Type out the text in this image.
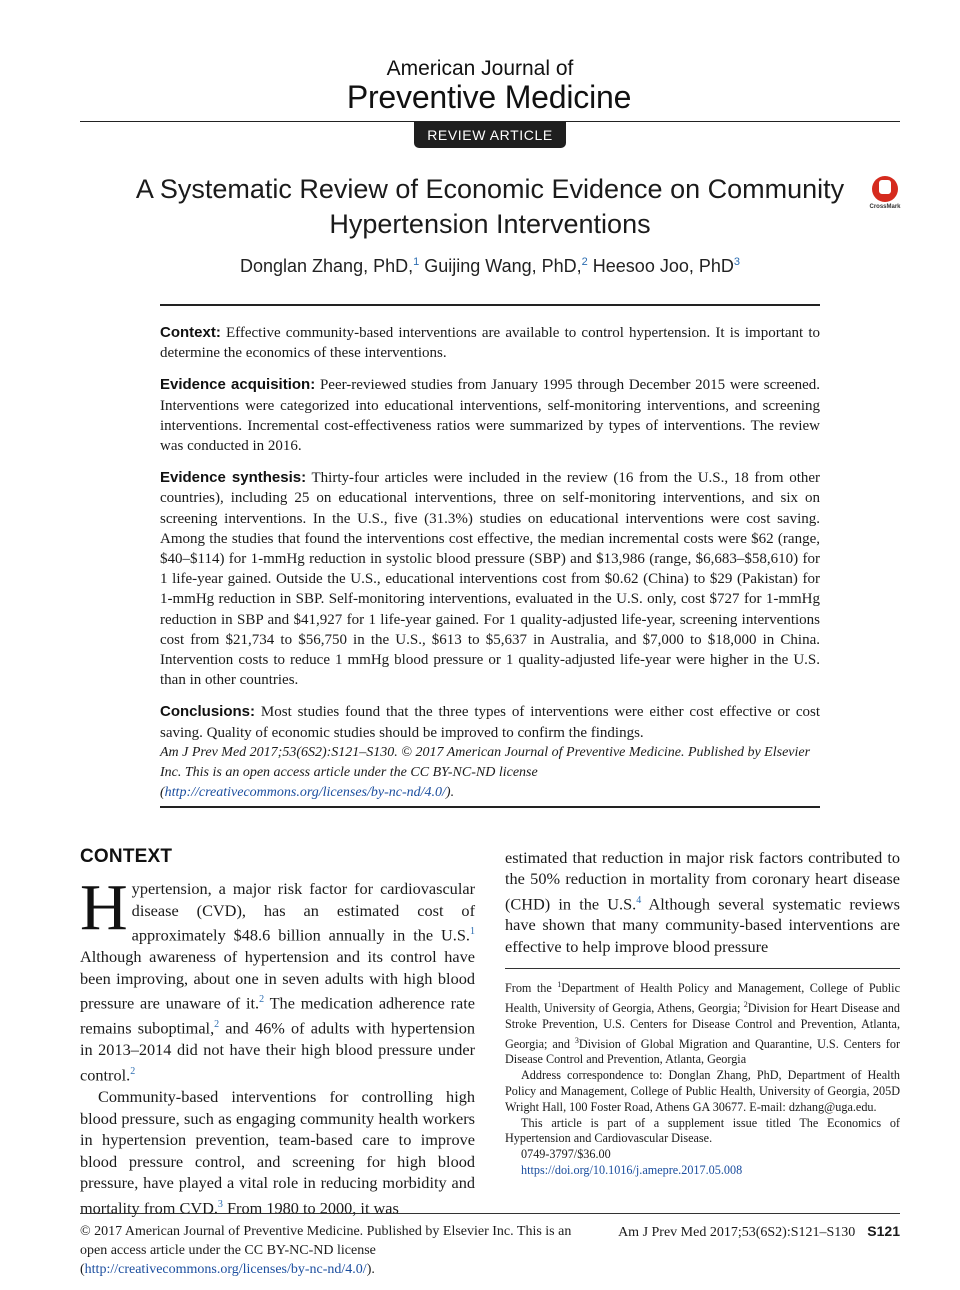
American Journal of
Preventive Medicine
REVIEW ARTICLE
A Systematic Review of Economic Evidence on Community Hypertension Interventions
CrossMark
Donglan Zhang, PhD,$^1$ Guijing Wang, PhD,$^2$ Heesoo Joo, PhD$^3$

Context: Effective community-based interventions are available to control hypertension. It is important to determine the economics of these interventions.

Evidence acquisition: Peer-reviewed studies from January 1995 through December 2015 were screened. Interventions were categorized into educational interventions, self-monitoring interventions, and screening interventions. Incremental cost-effectiveness ratios were summarized by types of interventions. The review was conducted in 2016.

Evidence synthesis: Thirty-four articles were included in the review (16 from the U.S., 18 from other countries), including 25 on educational interventions, three on self-monitoring interventions, and six on screening interventions. In the U.S., five (31.3%) studies on educational interventions were cost saving. Among the studies that found the interventions cost effective, the median incremental costs were $62 (range, $40–$114) for 1-mmHg reduction in systolic blood pressure (SBP) and $13,986 (range, $6,683–$58,610) for 1 life-year gained. Outside the U.S., educational interventions cost from $0.62 (China) to $29 (Pakistan) for 1-mmHg reduction in SBP. Self-monitoring interventions, evaluated in the U.S. only, cost $727 for 1-mmHg reduction in SBP and $41,927 for 1 life-year gained. For 1 quality-adjusted life-year, screening interventions cost from $21,734 to $56,750 in the U.S., $613 to $5,637 in Australia, and $7,000 to $18,000 in China. Intervention costs to reduce 1 mmHg blood pressure or 1 quality-adjusted life-year were higher in the U.S. than in other countries.

Conclusions: Most studies found that the three types of interventions were either cost effective or cost saving. Quality of economic studies should be improved to confirm the findings.

Am J Prev Med 2017;53(6S2):S121–S130. © 2017 American Journal of Preventive Medicine. Published by Elsevier Inc. This is an open access article under the CC BY-NC-ND license
(http://creativecommons.org/licenses/by-nc-nd/4.0/).

CONTEXT

Hypertension, a major risk factor for cardiovascular disease (CVD), has an estimated cost of approximately $48.6 billion annually in the U.S.$^1$ Although awareness of hypertension and its control have been improving, about one in seven adults with high blood pressure are unaware of it.$^2$ The medication adherence rate remains suboptimal,$^2$ and 46% of adults with hypertension in 2013–2014 did not have their high blood pressure under control.$^2$

Community-based interventions for controlling high blood pressure, such as engaging community health workers in hypertension prevention, team-based care to improve blood pressure control, and screening for high blood pressure, have played a vital role in reducing morbidity and mortality from CVD.$^3$ From 1980 to 2000, it was

estimated that reduction in major risk factors contributed to the 50% reduction in mortality from coronary heart disease (CHD) in the U.S.$^4$ Although several systematic reviews have shown that many community-based interventions are effective to help improve blood pressure

From the $^1$Department of Health Policy and Management, College of Public Health, University of Georgia, Athens, Georgia; $^2$Division for Heart Disease and Stroke Prevention, U.S. Centers for Disease Control and Prevention, Atlanta, Georgia; and $^3$Division of Global Migration and Quarantine, U.S. Centers for Disease Control and Prevention, Atlanta, Georgia

Address correspondence to: Donglan Zhang, PhD, Department of Health Policy and Management, College of Public Health, University of Georgia, 205D Wright Hall, 100 Foster Road, Athens GA 30677. E-mail: dzhang@uga.edu.

This article is part of a supplement issue titled The Economics of Hypertension and Cardiovascular Disease.

0749-3797/$36.00

https://doi.org/10.1016/j.amepre.2017.05.008

© 2017 American Journal of Preventive Medicine. Published by Elsevier Inc. This is an open access article under the CC BY-NC-ND license (http://creativecommons.org/licenses/by-nc-nd/4.0/).
Am J Prev Med 2017;53(6S2):S121–S130 S121
